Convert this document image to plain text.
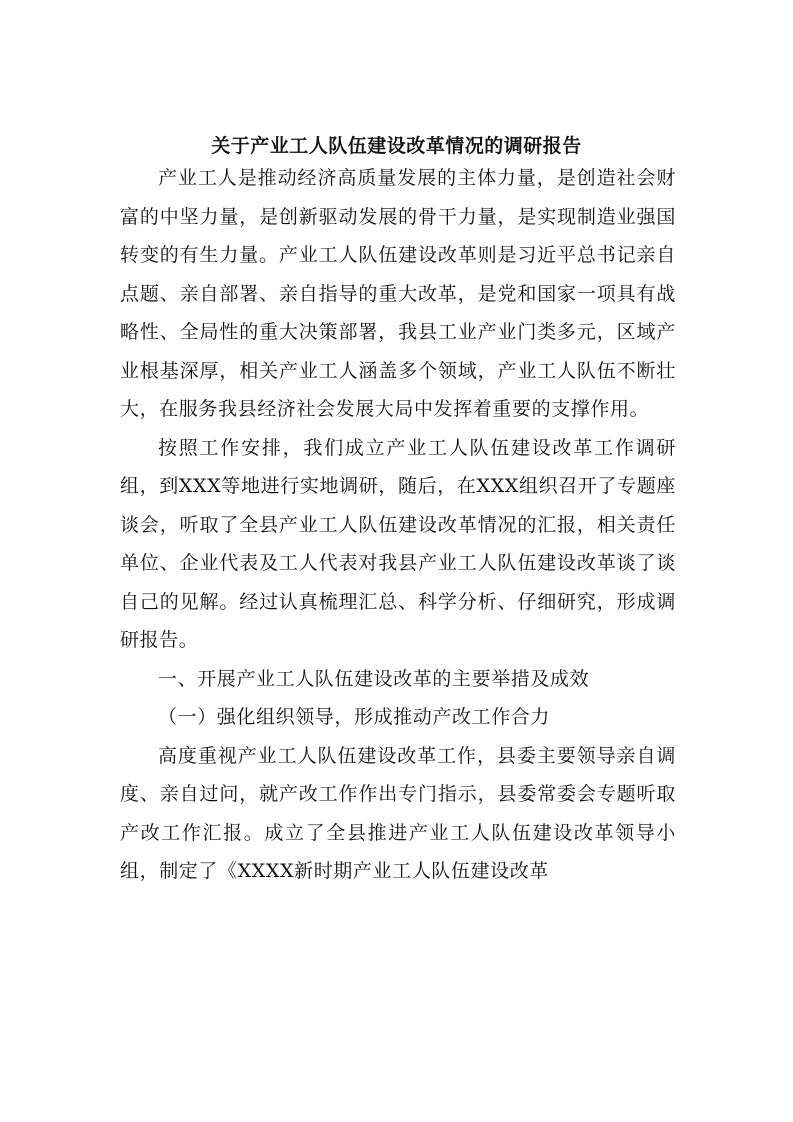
关于产业工人队伍建设改革情况的调研报告

产业工人是推动经济高质量发展的主体力量，是创造社会财富的中坚力量，是创新驱动发展的骨干力量，是实现制造业强国转变的有生力量。产业工人队伍建设改革则是习近平总书记亲自点题、亲自部署、亲自指导的重大改革，是党和国家一项具有战略性、全局性的重大决策部署，我县工业产业门类多元，区域产业根基深厚，相关产业工人涵盖多个领域，产业工人队伍不断壮大，在服务我县经济社会发展大局中发挥着重要的支撑作用。

按照工作安排，我们成立产业工人队伍建设改革工作调研组，到XXX等地进行实地调研，随后，在XXX组织召开了专题座谈会，听取了全县产业工人队伍建设改革情况的汇报，相关责任单位、企业代表及工人代表对我县产业工人队伍建设改革谈了谈自己的见解。经过认真梳理汇总、科学分析、仔细研究，形成调研报告。

一、开展产业工人队伍建设改革的主要举措及成效

（一）强化组织领导，形成推动产改工作合力

高度重视产业工人队伍建设改革工作，县委主要领导亲自调度、亲自过问，就产改工作作出专门指示，县委常委会专题听取产改工作汇报。成立了全县推进产业工人队伍建设改革领导小组，制定了《XXXX新时期产业工人队伍建设改革
